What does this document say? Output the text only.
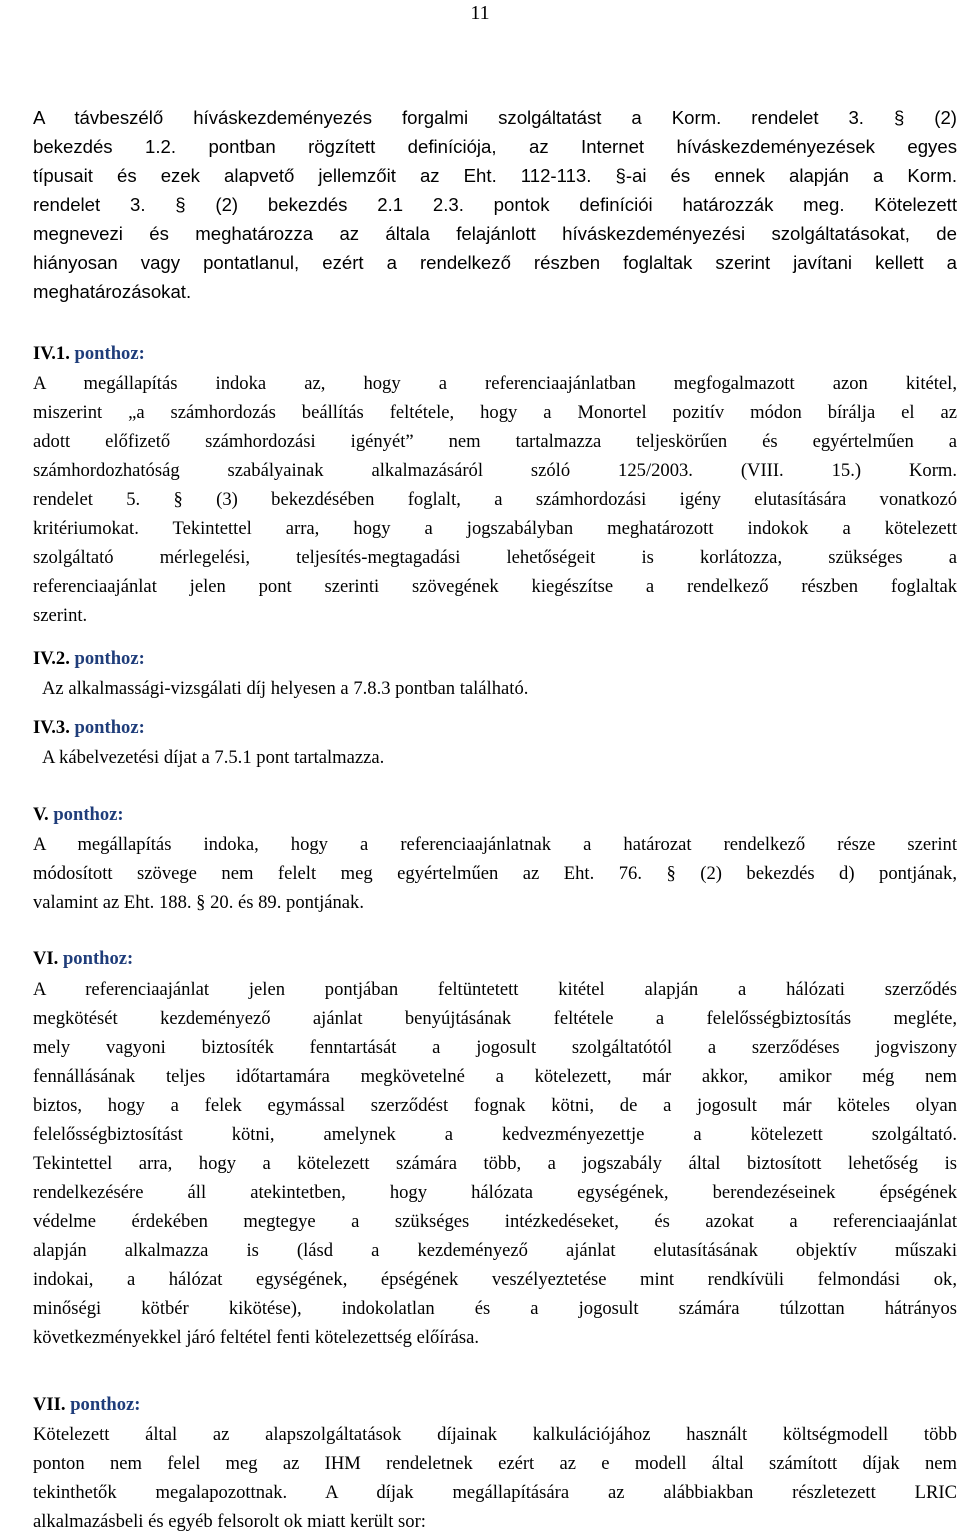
11
A távbeszélő híváskezdeményezés forgalmi szolgáltatást a Korm. rendelet 3. § (2)
bekezdés 1.2. pontban rögzített definíciója, az Internet híváskezdeményezések egyes
típusait és ezek alapvető jellemzőit az Eht. 112-113. §-ai és ennek alapján a Korm.
rendelet 3. § (2) bekezdés 2.1 2.3. pontok definíciói határozzák meg. Kötelezett
megnevezi és meghatározza az általa felajánlott híváskezdeményezési szolgáltatásokat, de
hiányosan vagy pontatlanul, ezért a rendelkező részben foglaltak szerint javítani kellett a
meghatározásokat.
IV.1. ponthoz:
A megállapítás indoka az, hogy a referenciaajánlatban megfogalmazott azon kitétel,
miszerint „a számhordozás beállítás feltétele, hogy a Monortel pozitív módon bírálja el az
adott előfizető számhordozási igényét” nem tartalmazza teljeskörűen és egyértelműen a
számhordozhatóság szabályainak alkalmazásáról szóló 125/2003. (VIII. 15.) Korm.
rendelet 5. § (3) bekezdésében foglalt, a számhordozási igény elutasítására vonatkozó
kritériumokat. Tekintettel arra, hogy a jogszabályban meghatározott indokok a kötelezett
szolgáltató mérlegelési, teljesítés-megtagadási lehetőségeit is korlátozza, szükséges a
referenciaajánlat jelen pont szerinti szövegének kiegészítse a rendelkező részben foglaltak
szerint.
IV.2. ponthoz:
Az alkalmassági-vizsgálati díj helyesen a 7.8.3 pontban található.
IV.3. ponthoz:
A kábelvezetési díjat a 7.5.1 pont tartalmazza.
V. ponthoz:
A megállapítás indoka, hogy a referenciaajánlatnak a határozat rendelkező része szerint
módosított szövege nem felelt meg egyértelműen az Eht. 76. § (2) bekezdés d) pontjának,
valamint az Eht. 188. § 20. és 89. pontjának.
VI. ponthoz:
A referenciaajánlat jelen pontjában feltüntetett kitétel alapján a hálózati szerződés
megkötését kezdeményező ajánlat benyújtásának feltétele a felelősségbiztosítás megléte,
mely vagyoni biztosíték fenntartását a jogosult szolgáltatótól a szerződéses jogviszony
fennállásának teljes időtartamára megkövetelné a kötelezett, már akkor, amikor még nem
biztos, hogy a felek egymással szerződést fognak kötni, de a jogosult már köteles olyan
felelősségbiztosítást kötni, amelynek a kedvezményezettje a kötelezett szolgáltató.
Tekintettel arra, hogy a kötelezett számára több, a jogszabály által biztosított lehetőség is
rendelkezésére áll atekintetben, hogy hálózata egységének, berendezéseinek épségének
védelme érdekében megtegye a szükséges intézkedéseket, és azokat a referenciaajánlat
alapján alkalmazza is (lásd a kezdeményező ajánlat elutasításának objektív műszaki
indokai, a hálózat egységének, épségének veszélyeztetése mint rendkívüli felmondási ok,
minőségi kötbér kikötése), indokolatlan és a jogosult számára túlzottan hátrányos
következményekkel járó feltétel fenti kötelezettség előírása.
VII. ponthoz:
Kötelezett által az alapszolgáltatások díjainak kalkulációjához használt költségmodell több
ponton nem felel meg az IHM rendeletnek ezért az e modell által számított díjak nem
tekinthetők megalapozottnak. A díjak megállapítására az alábbiakban részletezett LRIC
alkalmazásbeli és egyéb felsorolt ok miatt került sor:
